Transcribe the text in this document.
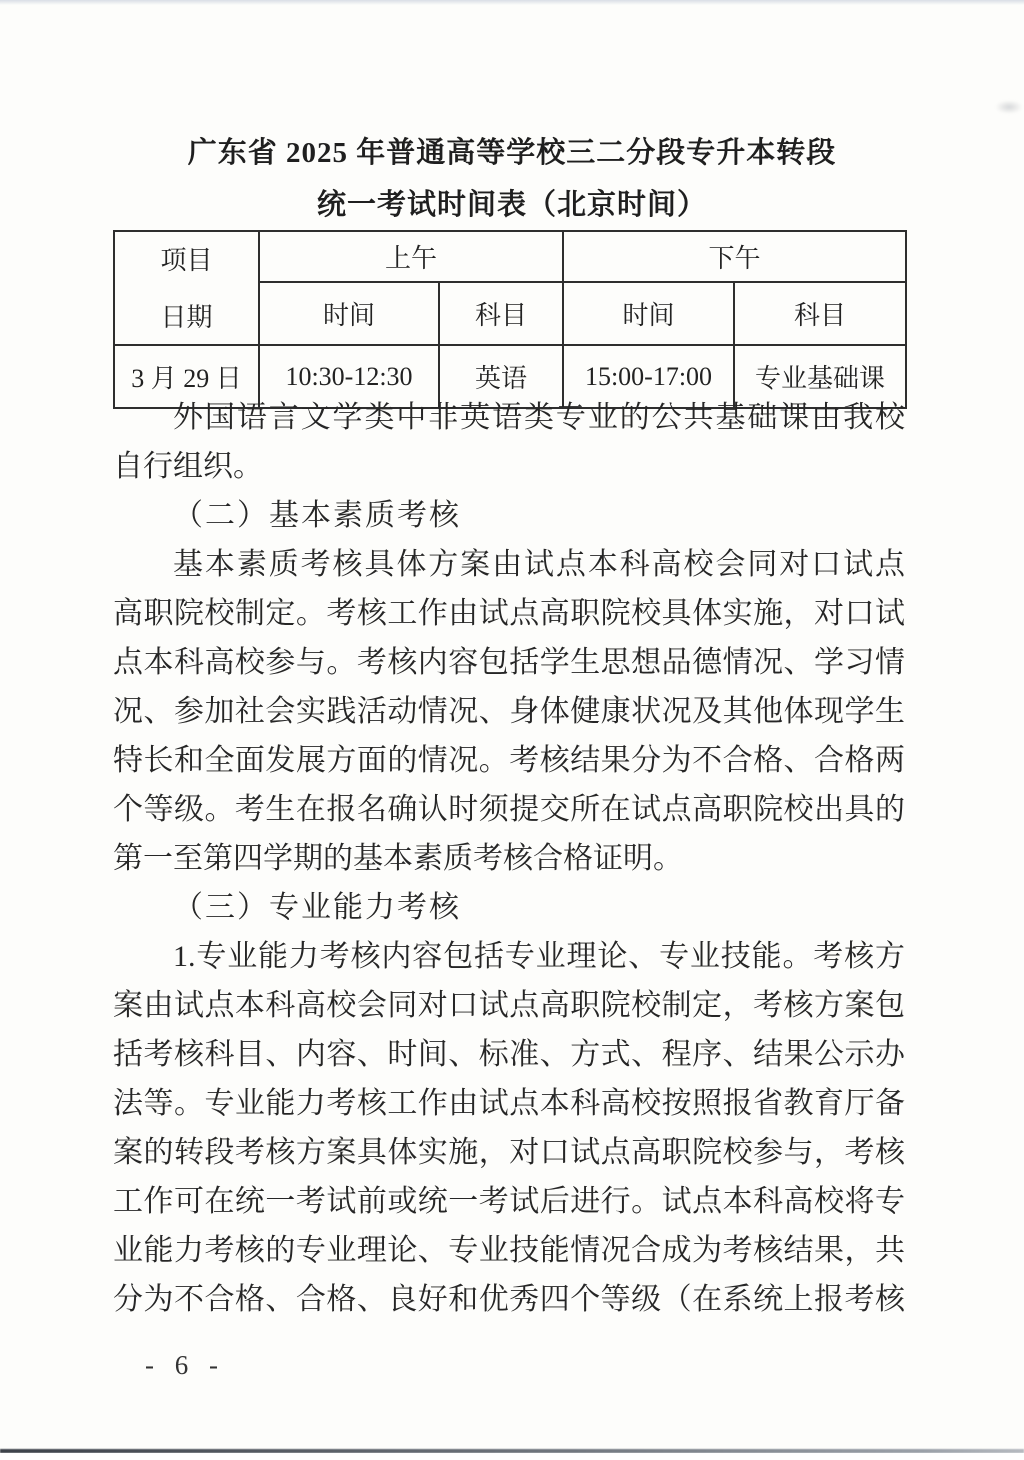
广东省 2025 年普通高等学校三二分段专升本转段
统一考试时间表（北京时间）
项目
日期	上午		下午	
	时间	科目	时间	科目
3 月 29 日	10:30-12:30	英语	15:00-17:00	专业基础课
外国语言文学类中非英语类专业的公共基础课由我校
自行组织。
（二）基本素质考核
基本素质考核具体方案由试点本科高校会同对口试点
高职院校制定。考核工作由试点高职院校具体实施，对口试
点本科高校参与。考核内容包括学生思想品德情况、学习情
况、参加社会实践活动情况、身体健康状况及其他体现学生
特长和全面发展方面的情况。考核结果分为不合格、合格两
个等级。考生在报名确认时须提交所在试点高职院校出具的
第一至第四学期的基本素质考核合格证明。
（三）专业能力考核
1.专业能力考核内容包括专业理论、专业技能。考核方
案由试点本科高校会同对口试点高职院校制定，考核方案包
括考核科目、内容、时间、标准、方式、程序、结果公示办
法等。专业能力考核工作由试点本科高校按照报省教育厅备
案的转段考核方案具体实施，对口试点高职院校参与，考核
工作可在统一考试前或统一考试后进行。试点本科高校将专
业能力考核的专业理论、专业技能情况合成为考核结果，共
分为不合格、合格、良好和优秀四个等级（在系统上报考核
- 6 -
